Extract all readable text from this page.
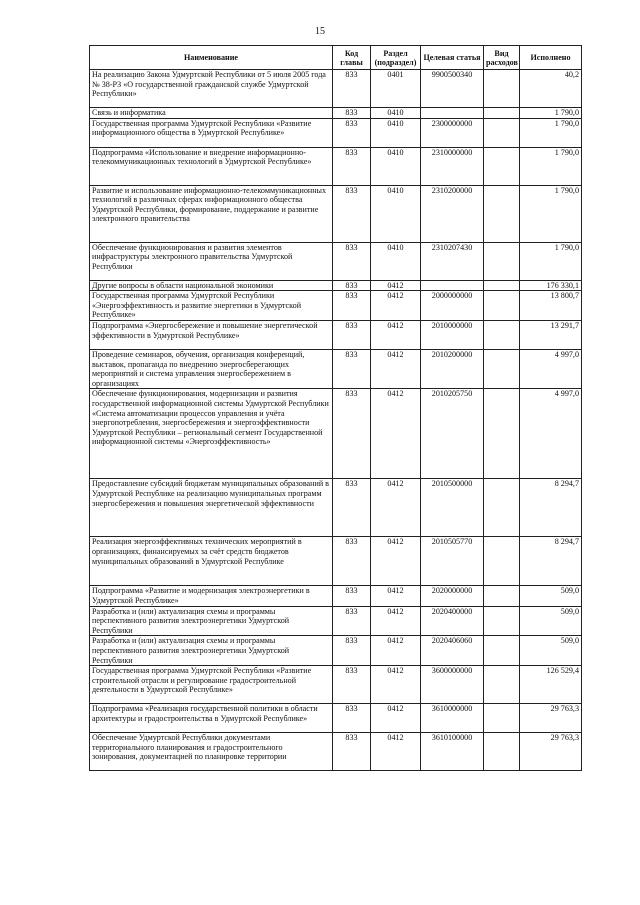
15
Наименование	Код главы	Раздел (подраздел)	Целевая статья	Вид расходов	Исполнено
На реализацию Закона Удмуртской Республики от 5 июля 2005 года № 38-РЗ «О государственной гражданской службе Удмуртской Республики»	833	0401	9900500340		40,2
Связь и информатика	833	0410			1 790,0
Государственная программа Удмуртской Республики «Развитие информационного общества в Удмуртской Республике»	833	0410	2300000000		1 790,0
Подпрограмма «Использование и внедрение информационно-телекоммуникационных технологий в Удмуртской Республике»	833	0410	2310000000		1 790,0
Развитие и использование информационно-телекоммуникационных технологий в различных сферах информационного общества Удмуртской Республики, формирование, поддержание и развитие электронного правительства	833	0410	2310200000		1 790,0
Обеспечение функционирования и развития элементов инфраструктуры электронного правительства Удмуртской Республики	833	0410	2310207430		1 790,0
Другие вопросы в области национальной экономики	833	0412			176 330,1
Государственная программа Удмуртской Республики «Энергоэффективность и развитие энергетики в Удмуртской Республике»	833	0412	2000000000		13 800,7
Подпрограмма «Энергосбережение и повышение энергетической эффективности в Удмуртской Республике»	833	0412	2010000000		13 291,7
Проведение семинаров, обучения, организация конференций, выставок, пропаганда по внедрению энергосберегающих мероприятий и система управления энергосбережением в организациях	833	0412	2010200000		4 997,0
Обеспечение функционирования, модернизации и развития государственной информационной системы Удмуртской Республики «Система автоматизации процессов управления и учёта энергопотребления, энергосбережения и энергоэффективности Удмуртской Республики – региональный сегмент Государственной информационной системы «Энергоэффективность»	833	0412	2010205750		4 997,0
Предоставление субсидий бюджетам муниципальных образований в Удмуртской Республике на реализацию муниципальных программ энергосбережения и повышения энергетической эффективности	833	0412	2010500000		8 294,7
Реализация энергоэффективных технических мероприятий в организациях, финансируемых за счёт средств бюджетов муниципальных образований в Удмуртской Республике	833	0412	2010505770		8 294,7
Подпрограмма «Развитие и модернизация электроэнергетики в Удмуртской Республике»	833	0412	2020000000		509,0
Разработка и (или) актуализация схемы и программы перспективного развития электроэнергетики Удмуртской Республики	833	0412	2020400000		509,0
Разработка и (или) актуализация схемы и программы перспективного развития электроэнергетики Удмуртской Республики	833	0412	2020406060		509,0
Государственная программа Удмуртской Республики «Развитие строительной отрасли и регулирование градостроительной деятельности в Удмуртской Республике»	833	0412	3600000000		126 529,4
Подпрограмма «Реализация государственной политики в области архитектуры и градостроительства в Удмуртской Республике»	833	0412	3610000000		29 763,3
Обеспечение Удмуртской Республики документами территориального планирования и градостроительного зонирования, документацией по планировке территории	833	0412	3610100000		29 763,3
